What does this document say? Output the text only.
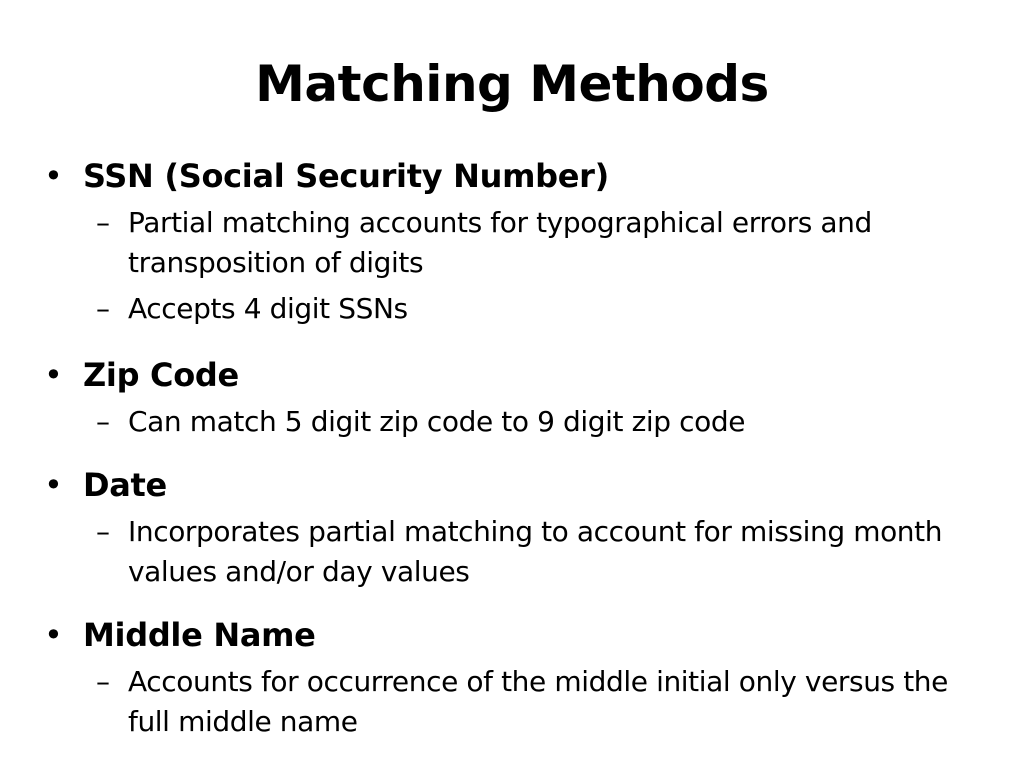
Matching Methods
• SSN (Social Security Number)
– Partial matching accounts for typographical errors and transposition of digits
– Accepts 4 digit SSNs
• Zip Code
– Can match 5 digit zip code to 9 digit zip code
• Date
– Incorporates partial matching to account for missing month values and/or day values
• Middle Name
– Accounts for occurrence of the middle initial only versus the full middle name
